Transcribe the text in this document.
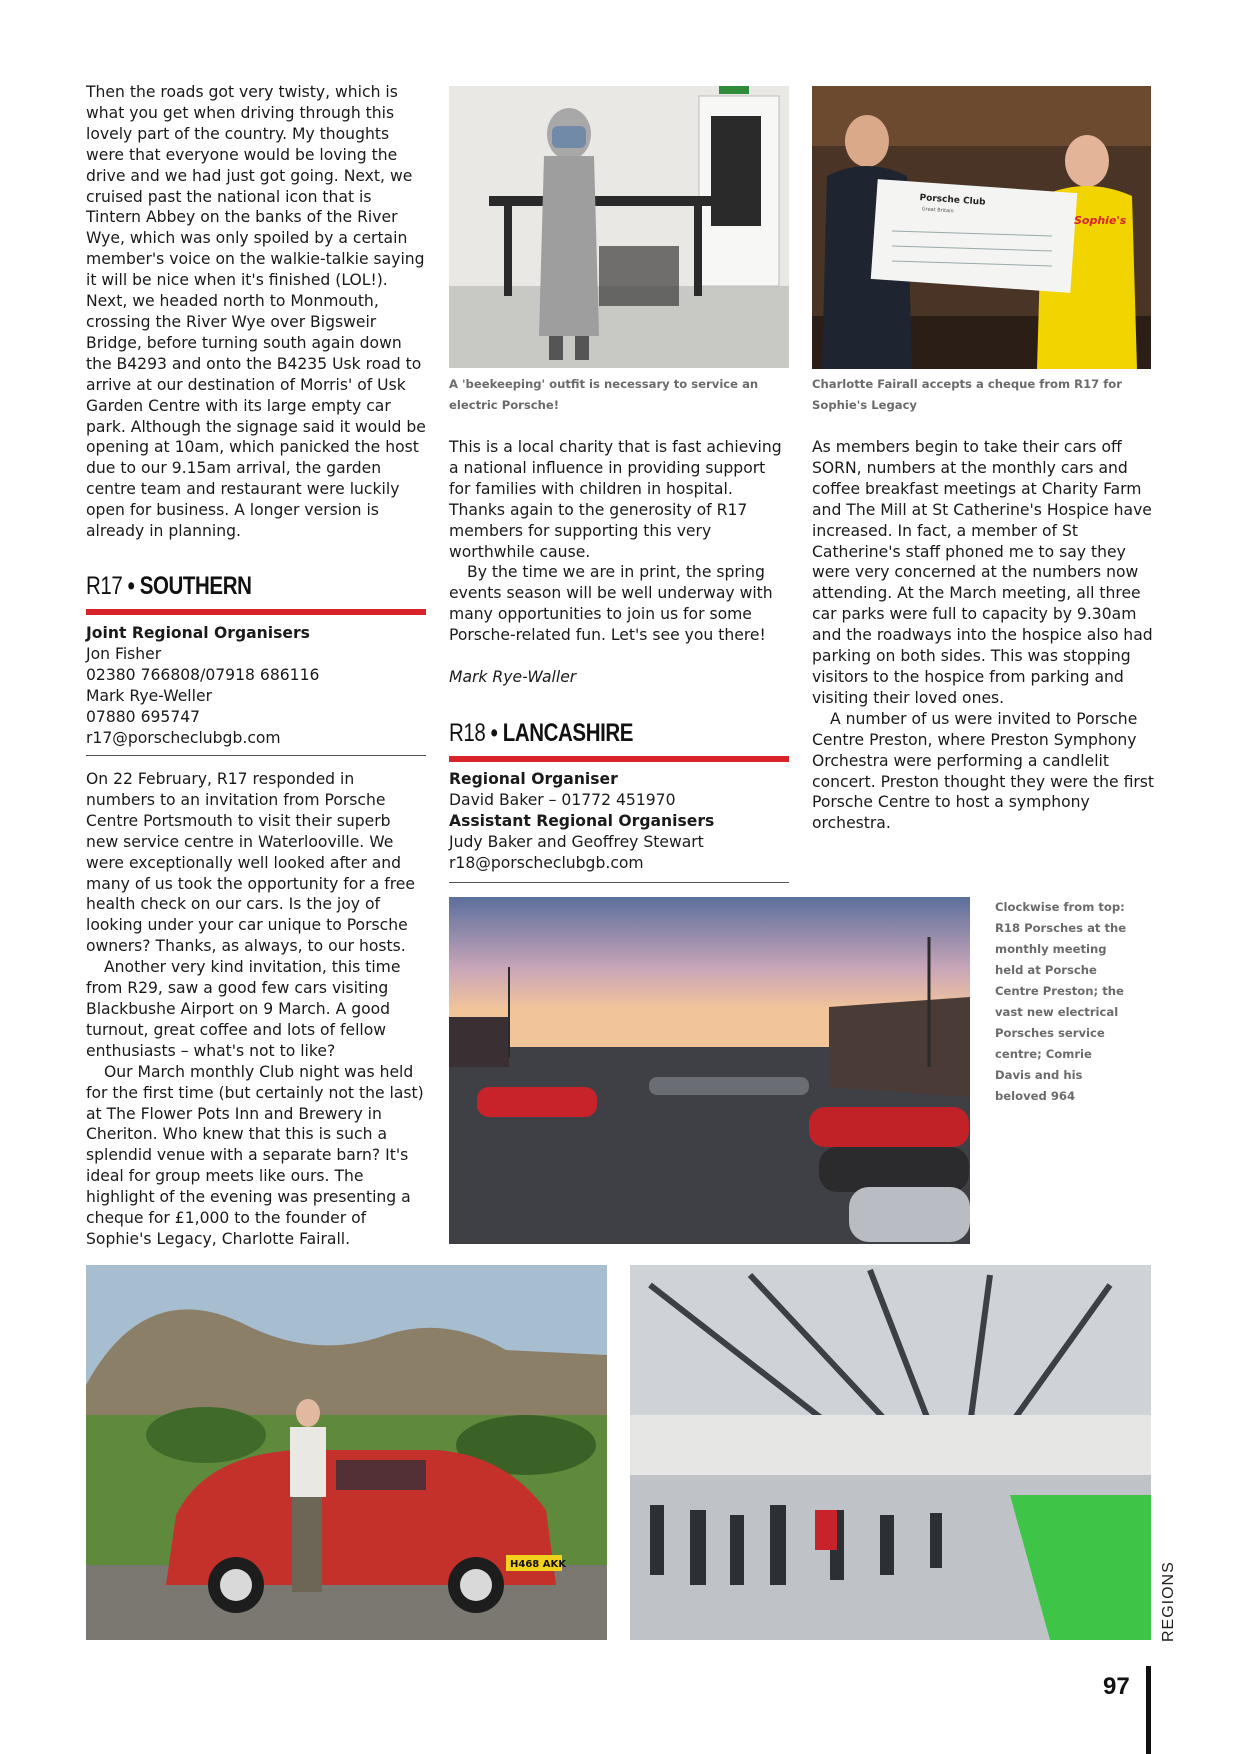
Then the roads got very twisty, which is what you get when driving through this lovely part of the country. My thoughts were that everyone would be loving the drive and we had just got going. Next, we cruised past the national icon that is Tintern Abbey on the banks of the River Wye, which was only spoiled by a certain member's voice on the walkie-talkie saying it will be nice when it's finished (LOL!). Next, we headed north to Monmouth, crossing the River Wye over Bigsweir Bridge, before turning south again down the B4293 and onto the B4235 Usk road to arrive at our destination of Morris' of Usk Garden Centre with its large empty car park. Although the signage said it would be opening at 10am, which panicked the host due to our 9.15am arrival, the garden centre team and restaurant were luckily open for business. A longer version is already in planning.

R17 • SOUTHERN
Joint Regional Organisers
Jon Fisher
02380 766808/07918 686116
Mark Rye-Weller
07880 695747
r17@porscheclubgb.com

On 22 February, R17 responded in numbers to an invitation from Porsche Centre Portsmouth to visit their superb new service centre in Waterlooville. We were exceptionally well looked after and many of us took the opportunity for a free health check on our cars. Is the joy of looking under your car unique to Porsche owners? Thanks, as always, to our hosts.

Another very kind invitation, this time from R29, saw a good few cars visiting Blackbushe Airport on 9 March. A good turnout, great coffee and lots of fellow enthusiasts – what's not to like?

Our March monthly Club night was held for the first time (but certainly not the last) at The Flower Pots Inn and Brewery in Cheriton. Who knew that this is such a splendid venue with a separate barn? It's ideal for group meets like ours. The highlight of the evening was presenting a cheque for £1,000 to the founder of Sophie's Legacy, Charlotte Fairall.

A 'beekeeping' outfit is necessary to service an electric Porsche!

This is a local charity that is fast achieving a national influence in providing support for families with children in hospital. Thanks again to the generosity of R17 members for supporting this very worthwhile cause.

By the time we are in print, the spring events season will be well underway with many opportunities to join us for some Porsche-related fun. Let's see you there!

Mark Rye-Waller

R18 • LANCASHIRE
Regional Organiser
David Baker – 01772 451970
Assistant Regional Organisers
Judy Baker and Geoffrey Stewart
r18@porscheclubgb.com
Porsche Club
Great Britain
Sophie's
Charlotte Fairall accepts a cheque from R17 for Sophie's Legacy

As members begin to take their cars off SORN, numbers at the monthly cars and coffee breakfast meetings at Charity Farm and The Mill at St Catherine's Hospice have increased. In fact, a member of St Catherine's staff phoned me to say they were very concerned at the numbers now attending. At the March meeting, all three car parks were full to capacity by 9.30am and the roadways into the hospice also had parking on both sides. This was stopping visitors to the hospice from parking and visiting their loved ones.

A number of us were invited to Porsche Centre Preston, where Preston Symphony Orchestra were performing a candlelit concert. Preston thought they were the first Porsche Centre to host a symphony orchestra.

Clockwise from top: R18 Porsches at the monthly meeting held at Porsche Centre Preston; the vast new electrical Porsches service centre; Comrie Davis and his beloved 964
H468 AKK	REGIONS
97
